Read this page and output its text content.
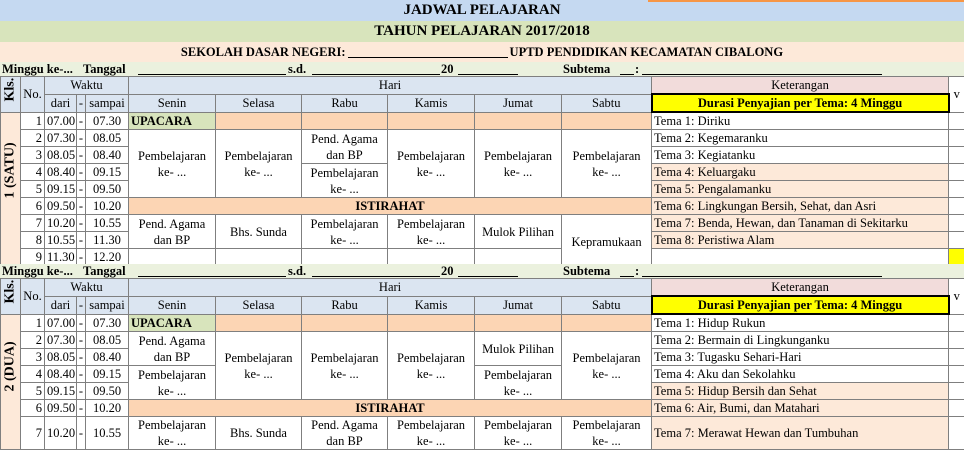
JADWAL PELAJARAN
TAHUN PELAJARAN 2017/2018
SEKOLAH DASAR NEGERI:	UPTD PENDIDIKAN KECAMATAN CIBALONG
Minggu ke-... Tanggal	s.d.	20	Subtema :
Kls.	No.	Waktu			Hari						Keterangan	v
		dari	-	sampai	Senin	Selasa	Rabu	Kamis	Jumat	Sabtu	Durasi Penyajian per Tema: 4 Minggu	

1 (SATU)	1	07.00	-	07.30	UPACARA						Tema 1: Diriku	
	2	07.30	-	08.05	Pembelajaran ke- ...	Pembelajaran ke- ...	Pend. Agama dan BP	Pembelajaran ke- ...	Pembelajaran ke- ...	Pembelajaran ke- ...	Tema 2: Kegemaranku	
	3	08.05	-	08.40							Tema 3: Kegiatanku	
	4	08.40	-	09.15			Pembelajaran ke- ...				Tema 4: Keluargaku	
	5	09.15	-	09.50							Tema 5: Pengalamanku	
	6	09.50	-	10.20	ISTIRAHAT						Tema 6: Lingkungan Bersih, Sehat, dan Asri	
	7	10.20	-	10.55	Pend. Agama dan BP	Bhs. Sunda	Pembelajaran ke- ...	Pembelajaran ke- ...	Mulok Pilihan	Kepramukaan	Tema 7: Benda, Hewan, dan Tanaman di Sekitarku	
	8	10.55	-	11.30							Tema 8: Peristiwa Alam	
	9	11.30	-	12.20								
Minggu ke-... Tanggal	s.d.	20	Subtema :
Kls.	No.	Waktu			Hari						Keterangan	v
		dari	-	sampai	Senin	Selasa	Rabu	Kamis	Jumat	Sabtu	Durasi Penyajian per Tema: 4 Minggu	

2 (DUA)	1	07.00	-	07.30	UPACARA						Tema 1: Hidup Rukun	
	2	07.30	-	08.05	Pend. Agama dan BP	Pembelajaran ke- ...	Pembelajaran ke- ...	Pembelajaran ke- ...	Mulok Pilihan	Pembelajaran ke- ...	Tema 2: Bermain di Lingkunganku	
	3	08.05	-	08.40							Tema 3: Tugasku Sehari-Hari	
	4	08.40	-	09.15	Pembelajaran ke- ...				Pembelajaran ke- ...		Tema 4: Aku dan Sekolahku	
	5	09.15	-	09.50							Tema 5: Hidup Bersih dan Sehat	
	6	09.50	-	10.20	ISTIRAHAT						Tema 6: Air, Bumi, dan Matahari	
	7	10.20	-	10.55	Pembelajaran ke- ...	Bhs. Sunda	Pend. Agama dan BP	Pembelajaran ke- ...	Pembelajaran ke- ...	Pembelajaran ke- ...	Tema 7: Merawat Hewan dan Tumbuhan	
